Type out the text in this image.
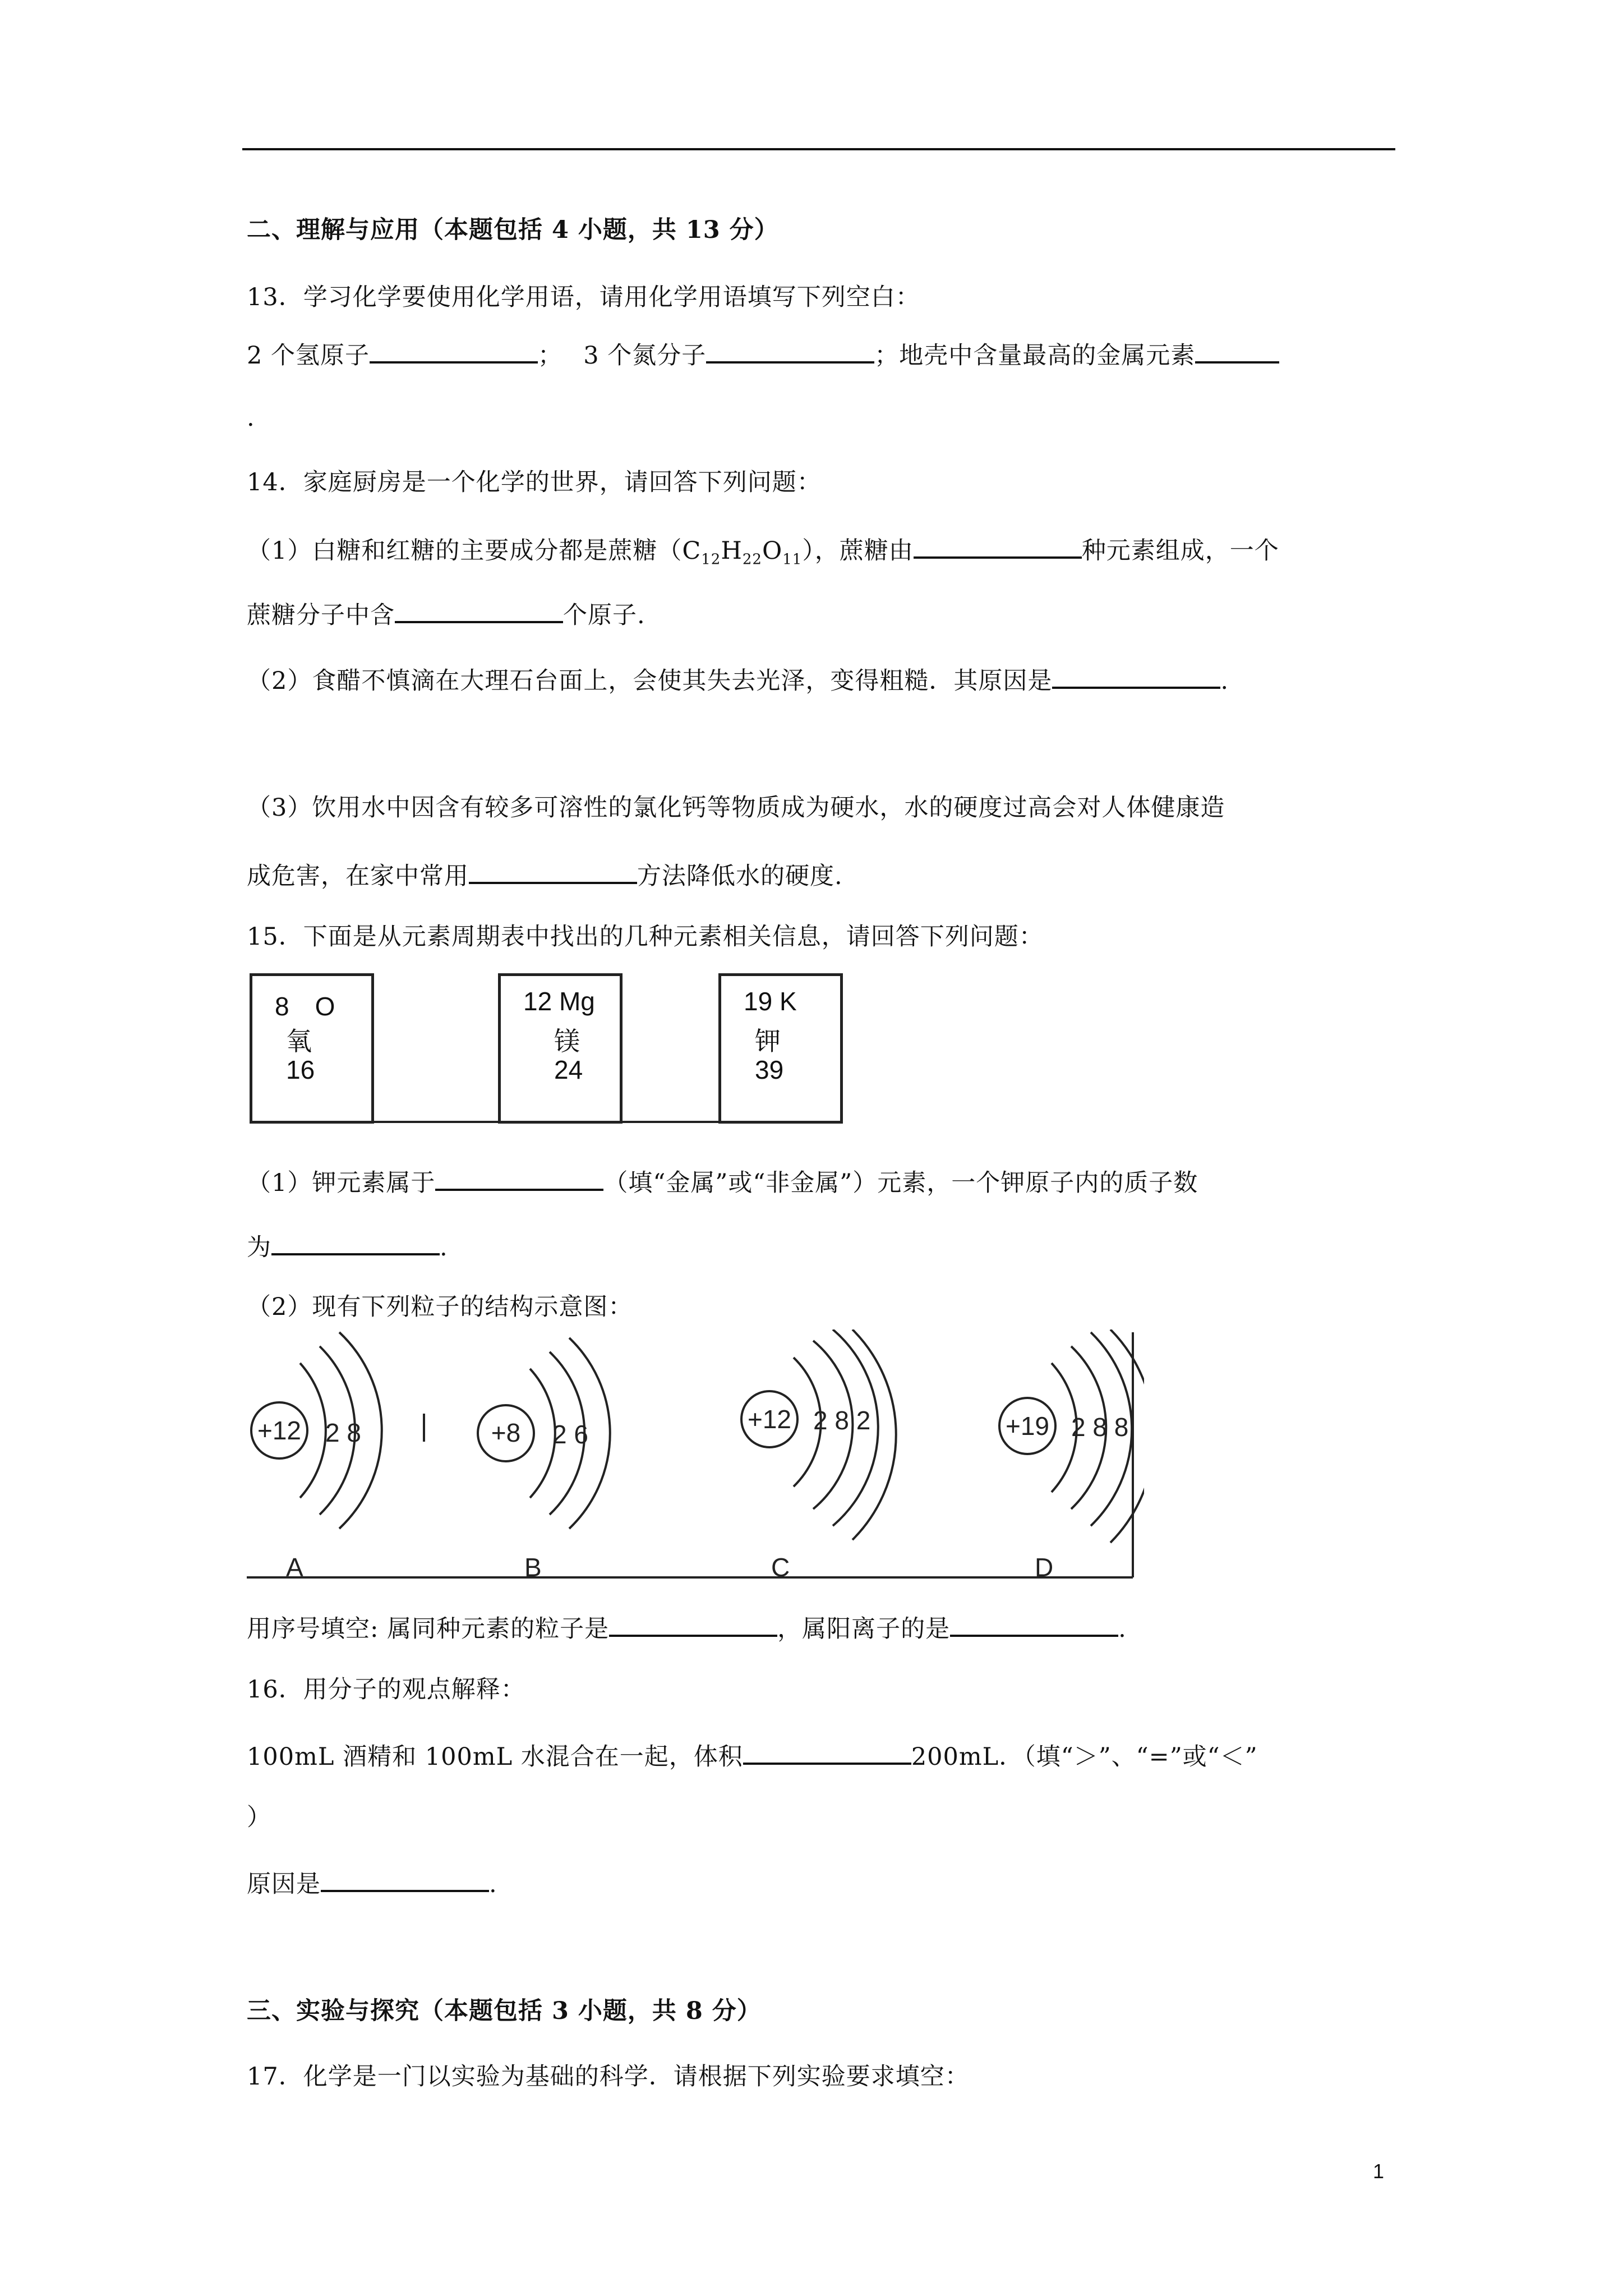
二、理解与应用（本题包括 4 小题，共 13 分）
13．学习化学要使用化学用语，请用化学用语填写下列空白：
2 个氢原子	；　 3 个氮分子	；地壳中含量最高的金属元素
.
14．家庭厨房是一个化学的世界，请回答下列问题：
（1）白糖和红糖的主要成分都是蔗糖$(C_{12}H_{22}O_{11})$，蔗糖由	种元素组成，一个
蔗糖分子中含	个原子.
（2）食醋不慎滴在大理石台面上，会使其失去光泽，变得粗糙．其原因是	.
（3）饮用水中因含有较多可溶性的氯化钙等物质成为硬水，水的硬度过高会对人体健康造
成危害，在家中常用	方法降低水的硬度.
15．下面是从元素周期表中找出的几种元素相关信息，请回答下列问题：
8　O
氧
16
12 Mg
镁
24
19 K
钾
39
（1）钾元素属于	（填“金属”或“非金属”）元素，一个钾原子内的质子数
为	.
（2）现有下列粒子的结构示意图：
+12 2 8	+8 2 6
+12 2 8 2	+19 2 8 8
A	B	C	D
用序号填空: 属同种元素的粒子是	，属阳离子的是	.
16．用分子的观点解释：
100mL 酒精和 100mL 水混合在一起，体积	200mL．（填“＞”、“=”或“＜”
）
原因是	.
三、实验与探究（本题包括 3 小题，共 8 分）
17．化学是一门以实验为基础的科学．请根据下列实验要求填空：
1
